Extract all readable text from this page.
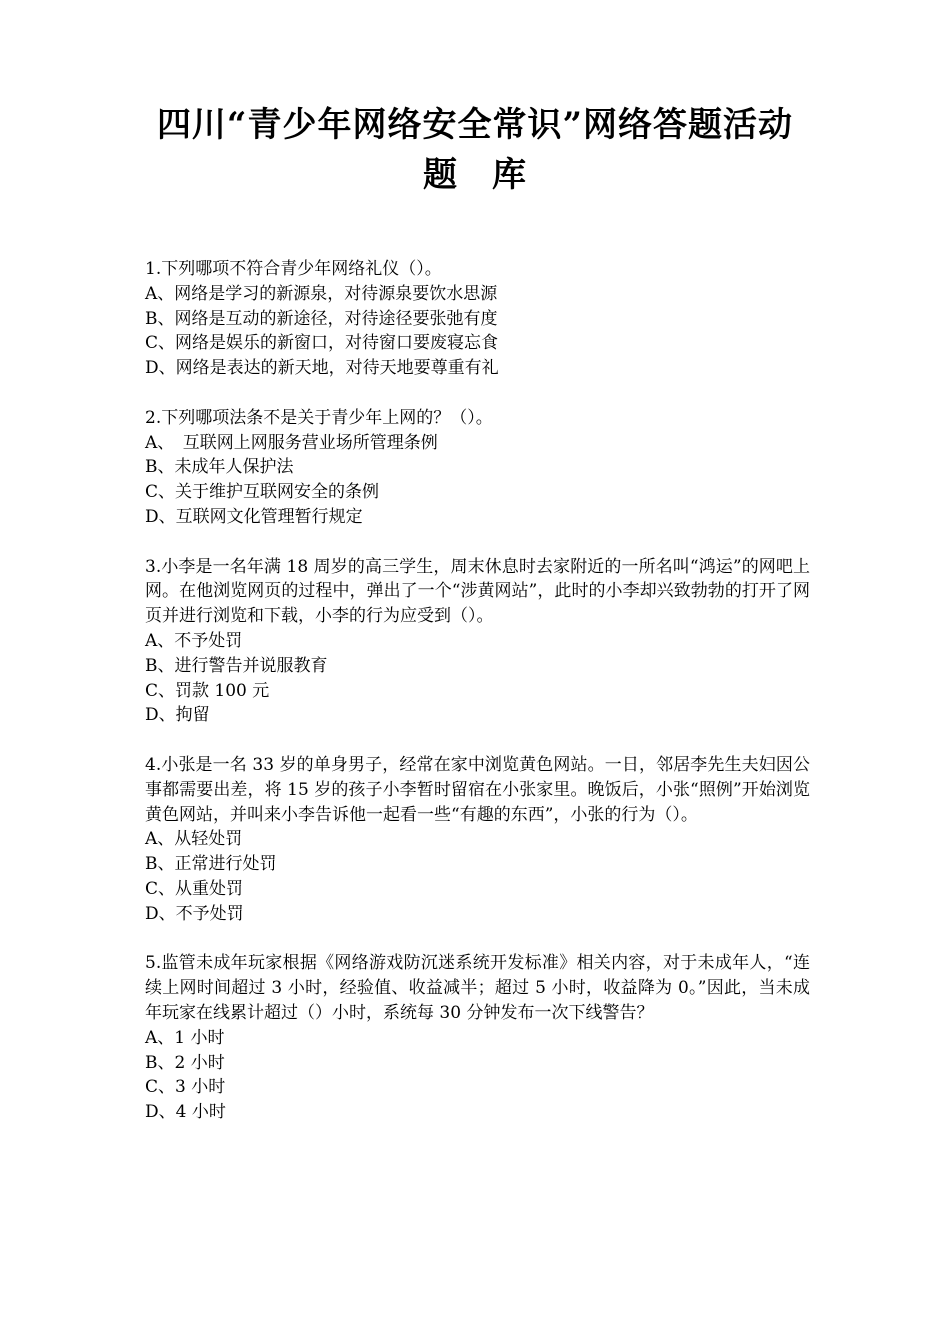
四川“青少年网络安全常识”网络答题活动
题 库
1.下列哪项不符合青少年网络礼仪（）。
A、网络是学习的新源泉，对待源泉要饮水思源
B、网络是互动的新途径，对待途径要张弛有度
C、网络是娱乐的新窗口，对待窗口要废寝忘食
D、网络是表达的新天地，对待天地要尊重有礼
2.下列哪项法条不是关于青少年上网的？（）。
A、　互联网上网服务营业场所管理条例
B、未成年人保护法
C、关于维护互联网安全的条例
D、互联网文化管理暂行规定
3.小李是一名年满 18 周岁的高三学生，周末休息时去家附近的一所名叫“鸿运”的网吧上网。在他浏览网页的过程中，弹出了一个“涉黄网站”，此时的小李却兴致勃勃的打开了网页并进行浏览和下载，小李的行为应受到（）。
A、不予处罚
B、进行警告并说服教育
C、罚款 100 元
D、拘留
4.小张是一名 33 岁的单身男子，经常在家中浏览黄色网站。一日，邻居李先生夫妇因公事都需要出差，将 15 岁的孩子小李暂时留宿在小张家里。晚饭后，小张“照例”开始浏览黄色网站，并叫来小李告诉他一起看一些“有趣的东西”，小张的行为（）。
A、从轻处罚
B、正常进行处罚
C、从重处罚
D、不予处罚
5.监管未成年玩家根据《网络游戏防沉迷系统开发标准》相关内容，对于未成年人，“连续上网时间超过 3 小时，经验值、收益减半；超过 5 小时，收益降为 0。”因此，当未成年玩家在线累计超过（）小时，系统每 30 分钟发布一次下线警告？
A、1 小时
B、2 小时
C、3 小时
D、4 小时
